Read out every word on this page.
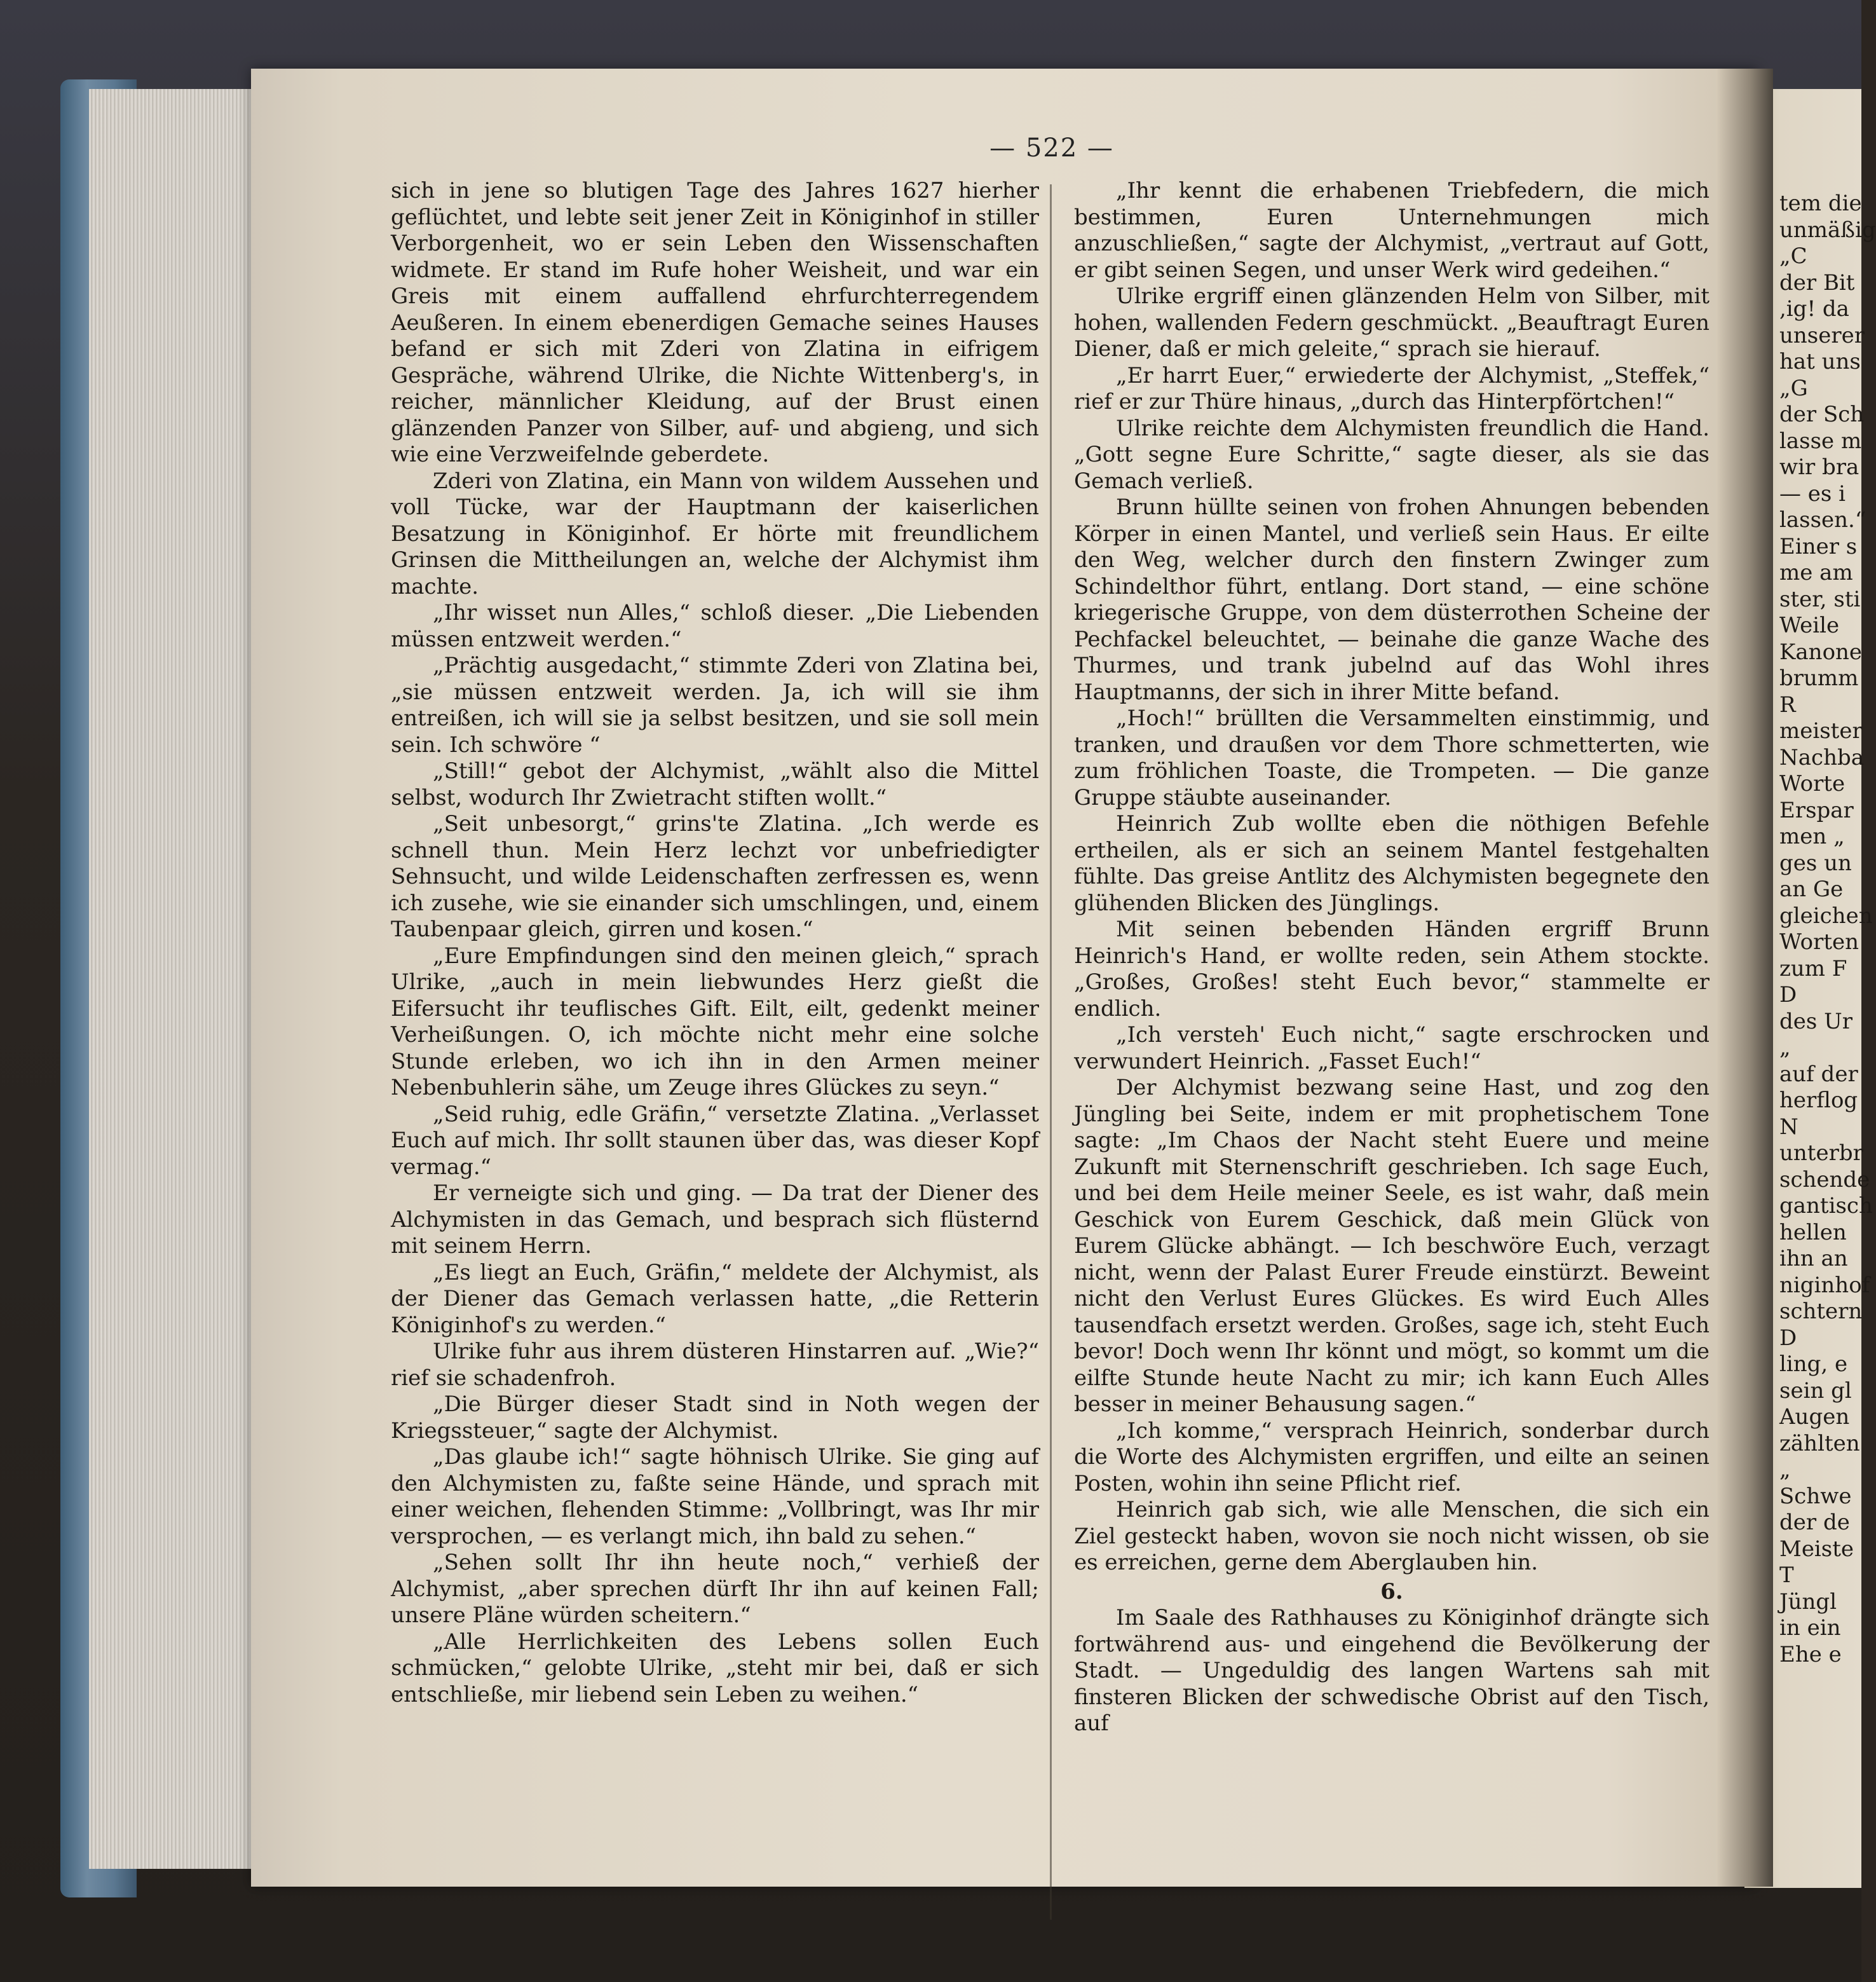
— 522 —

sich in jene so blutigen Tage des Jahres 1627 hierher geflüchtet, und lebte seit jener Zeit in Königinhof in stiller Verborgenheit, wo er sein Leben den Wissenschaften widmete. Er stand im Rufe hoher Weisheit, und war ein Greis mit einem auffallend ehrfurchterregendem Aeußeren. In einem ebenerdigen Gemache seines Hauses befand er sich mit Zderi von Zlatina in eifrigem Gespräche, während Ulrike, die Nichte Wittenberg's, in reicher, männlicher Kleidung, auf der Brust einen glänzenden Panzer von Silber, auf- und abgieng, und sich wie eine Verzweifelnde geberdete.

Zderi von Zlatina, ein Mann von wildem Aussehen und voll Tücke, war der Hauptmann der kaiserlichen Besatzung in Königinhof. Er hörte mit freundlichem Grinsen die Mittheilungen an, welche der Alchymist ihm machte.

„Ihr wisset nun Alles,“ schloß dieser. „Die Liebenden müssen entzweit werden.“

„Prächtig ausgedacht,“ stimmte Zderi von Zlatina bei, „sie müssen entzweit werden. Ja, ich will sie ihm entreißen, ich will sie ja selbst besitzen, und sie soll mein sein. Ich schwöre “

„Still!“ gebot der Alchymist, „wählt also die Mittel selbst, wodurch Ihr Zwietracht stiften wollt.“

„Seit unbesorgt,“ grins'te Zlatina. „Ich werde es schnell thun. Mein Herz lechzt vor unbefriedigter Sehnsucht, und wilde Leidenschaften zerfressen es, wenn ich zusehe, wie sie einander sich umschlingen, und, einem Taubenpaar gleich, girren und kosen.“

„Eure Empfindungen sind den meinen gleich,“ sprach Ulrike, „auch in mein liebwundes Herz gießt die Eifersucht ihr teuflisches Gift. Eilt, eilt, gedenkt meiner Verheißungen. O, ich möchte nicht mehr eine solche Stunde erleben, wo ich ihn in den Armen meiner Nebenbuhlerin sähe, um Zeuge ihres Glückes zu seyn.“

„Seid ruhig, edle Gräfin,“ versetzte Zlatina. „Verlasset Euch auf mich. Ihr sollt staunen über das, was dieser Kopf vermag.“

Er verneigte sich und ging. — Da trat der Diener des Alchymisten in das Gemach, und besprach sich flüsternd mit seinem Herrn.

„Es liegt an Euch, Gräfin,“ meldete der Alchymist, als der Diener das Gemach verlassen hatte, „die Retterin Königinhof's zu werden.“

Ulrike fuhr aus ihrem düsteren Hinstarren auf. „Wie?“ rief sie schadenfroh.

„Die Bürger dieser Stadt sind in Noth wegen der Kriegssteuer,“ sagte der Alchymist.

„Das glaube ich!“ sagte höhnisch Ulrike. Sie ging auf den Alchymisten zu, faßte seine Hände, und sprach mit einer weichen, flehenden Stimme: „Vollbringt, was Ihr mir versprochen, — es verlangt mich, ihn bald zu sehen.“

„Sehen sollt Ihr ihn heute noch,“ verhieß der Alchymist, „aber sprechen dürft Ihr ihn auf keinen Fall; unsere Pläne würden scheitern.“

„Alle Herrlichkeiten des Lebens sollen Euch schmücken,“ gelobte Ulrike, „steht mir bei, daß er sich entschließe, mir liebend sein Leben zu weihen.“

„Ihr kennt die erhabenen Triebfedern, die mich bestimmen, Euren Unternehmungen mich anzuschließen,“ sagte der Alchymist, „vertraut auf Gott, er gibt seinen Segen, und unser Werk wird gedeihen.“

Ulrike ergriff einen glänzenden Helm von Silber, mit hohen, wallenden Federn geschmückt. „Beauftragt Euren Diener, daß er mich geleite,“ sprach sie hierauf.

„Er harrt Euer,“ erwiederte der Alchymist, „Steffek,“ rief er zur Thüre hinaus, „durch das Hinterpförtchen!“

Ulrike reichte dem Alchymisten freundlich die Hand. „Gott segne Eure Schritte,“ sagte dieser, als sie das Gemach verließ.

Brunn hüllte seinen von frohen Ahnungen bebenden Körper in einen Mantel, und verließ sein Haus. Er eilte den Weg, welcher durch den finstern Zwinger zum Schindelthor führt, entlang. Dort stand, — eine schöne kriegerische Gruppe, von dem düsterrothen Scheine der Pechfackel beleuchtet, — beinahe die ganze Wache des Thurmes, und trank jubelnd auf das Wohl ihres Hauptmanns, der sich in ihrer Mitte befand.

„Hoch!“ brüllten die Versammelten einstimmig, und tranken, und draußen vor dem Thore schmetterten, wie zum fröhlichen Toaste, die Trompeten. — Die ganze Gruppe stäubte auseinander.

Heinrich Zub wollte eben die nöthigen Befehle ertheilen, als er sich an seinem Mantel festgehalten fühlte. Das greise Antlitz des Alchymisten begegnete den glühenden Blicken des Jünglings.

Mit seinen bebenden Händen ergriff Brunn Heinrich's Hand, er wollte reden, sein Athem stockte. „Großes, Großes! steht Euch bevor,“ stammelte er endlich.

„Ich versteh' Euch nicht,“ sagte erschrocken und verwundert Heinrich. „Fasset Euch!“

Der Alchymist bezwang seine Hast, und zog den Jüngling bei Seite, indem er mit prophetischem Tone sagte: „Im Chaos der Nacht steht Euere und meine Zukunft mit Sternenschrift geschrieben. Ich sage Euch, und bei dem Heile meiner Seele, es ist wahr, daß mein Geschick von Eurem Geschick, daß mein Glück von Eurem Glücke abhängt. — Ich beschwöre Euch, verzagt nicht, wenn der Palast Eurer Freude einstürzt. Beweint nicht den Verlust Eures Glückes. Es wird Euch Alles tausendfach ersetzt werden. Großes, sage ich, steht Euch bevor! Doch wenn Ihr könnt und mögt, so kommt um die eilfte Stunde heute Nacht zu mir; ich kann Euch Alles besser in meiner Behausung sagen.“

„Ich komme,“ versprach Heinrich, sonderbar durch die Worte des Alchymisten ergriffen, und eilte an seinen Posten, wohin ihn seine Pflicht rief.

Heinrich gab sich, wie alle Menschen, die sich ein Ziel gesteckt haben, wovon sie noch nicht wissen, ob sie es erreichen, gerne dem Aberglauben hin.

6.

Im Saale des Rathhauses zu Königinhof drängte sich fortwährend aus- und eingehend die Bevölkerung der Stadt. — Ungeduldig des langen Wartens sah mit finsteren Blicken der schwedische Obrist auf den Tisch, auf

tem die
unmäßig
„C
der Bit
,ig! da
unserer
hat uns
„G
der Sch
lasse m
wir bra
— es i
lassen.“
Einer s
me am
ster, sti
Weile
Kanone
brumm
R
meister
Nachba
Worte
Erspar
men „
ges un
an Ge
gleichen
Worten
zum F
D
des Ur
„
auf der
herflog
N
unterbr
schende
gantisch
hellen
ihn an
niginhof
schtern
D
ling, e
sein gl
Augen
zählten
„
Schwe
der de
Meiste
T
Jüngl
in ein
Ehe e
